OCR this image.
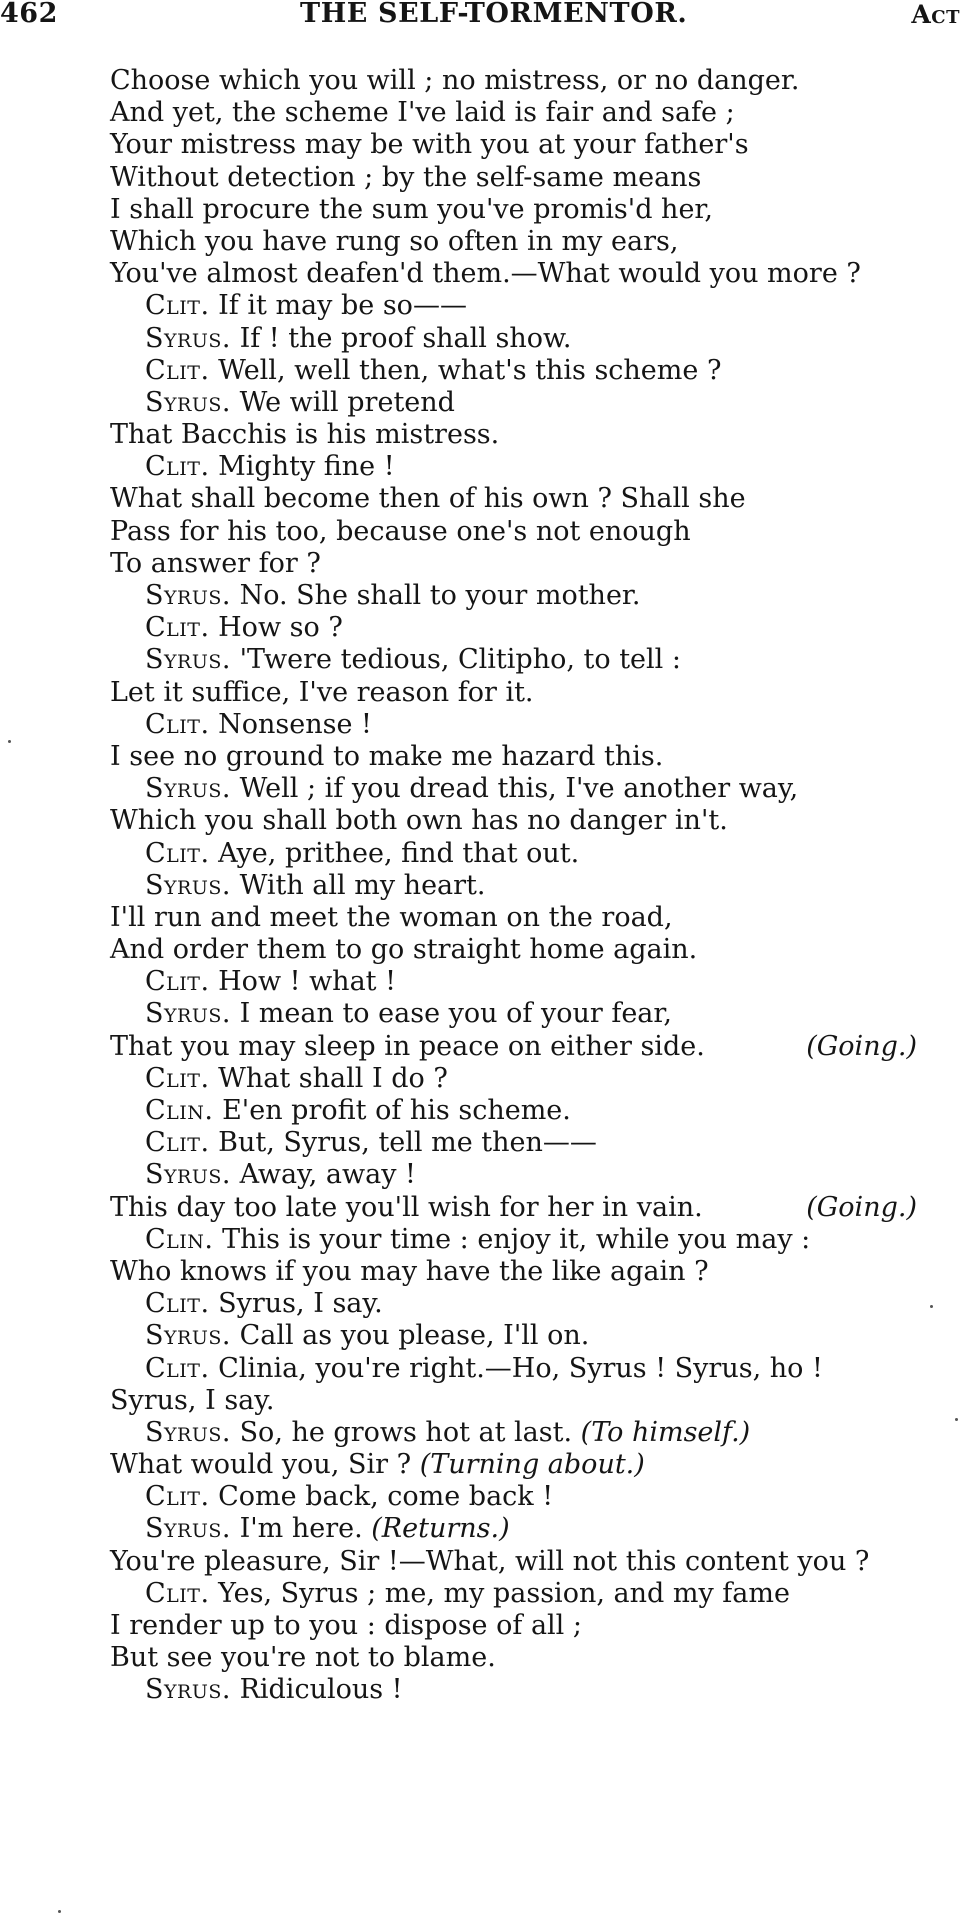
462	THE SELF-TORMENTOR.	Act
Choose which you will ; no mistress, or no danger.
And yet, the scheme I've laid is fair and safe ;
Your mistress may be with you at your father's
Without detection ; by the self-same means
I shall procure the sum you've promis'd her,
Which you have rung so often in my ears,
You've almost deafen'd them.—What would you more ?
Clit. If it may be so——
Syrus. If ! the proof shall show.
Clit. Well, well then, what's this scheme ?
Syrus. We will pretend
That Bacchis is his mistress.
Clit. Mighty fine !
What shall become then of his own ? Shall she
Pass for his too, because one's not enough
To answer for ?
Syrus. No. She shall to your mother.
Clit. How so ?
Syrus. 'Twere tedious, Clitipho, to tell :
Let it suffice, I've reason for it.
Clit. Nonsense !
I see no ground to make me hazard this.
Syrus. Well ; if you dread this, I've another way,
Which you shall both own has no danger in't.
Clit. Aye, prithee, find that out.
Syrus. With all my heart.
I'll run and meet the woman on the road,
And order them to go straight home again.
Clit. How ! what !
Syrus. I mean to ease you of your fear,
That you may sleep in peace on either side.	(Going.)
Clit. What shall I do ?
Clin. E'en profit of his scheme.
Clit. But, Syrus, tell me then——
Syrus. Away, away !
This day too late you'll wish for her in vain.	(Going.)
Clin. This is your time : enjoy it, while you may :
Who knows if you may have the like again ?
Clit. Syrus, I say.
Syrus. Call as you please, I'll on.
Clit. Clinia, you're right.—Ho, Syrus ! Syrus, ho !
Syrus, I say.
Syrus. So, he grows hot at last. (To himself.)
What would you, Sir ? (Turning about.)
Clit. Come back, come back !
Syrus. I'm here. (Returns.)
You're pleasure, Sir !—What, will not this content you ?
Clit. Yes, Syrus ; me, my passion, and my fame
I render up to you : dispose of all ;
But see you're not to blame.
Syrus. Ridiculous !
